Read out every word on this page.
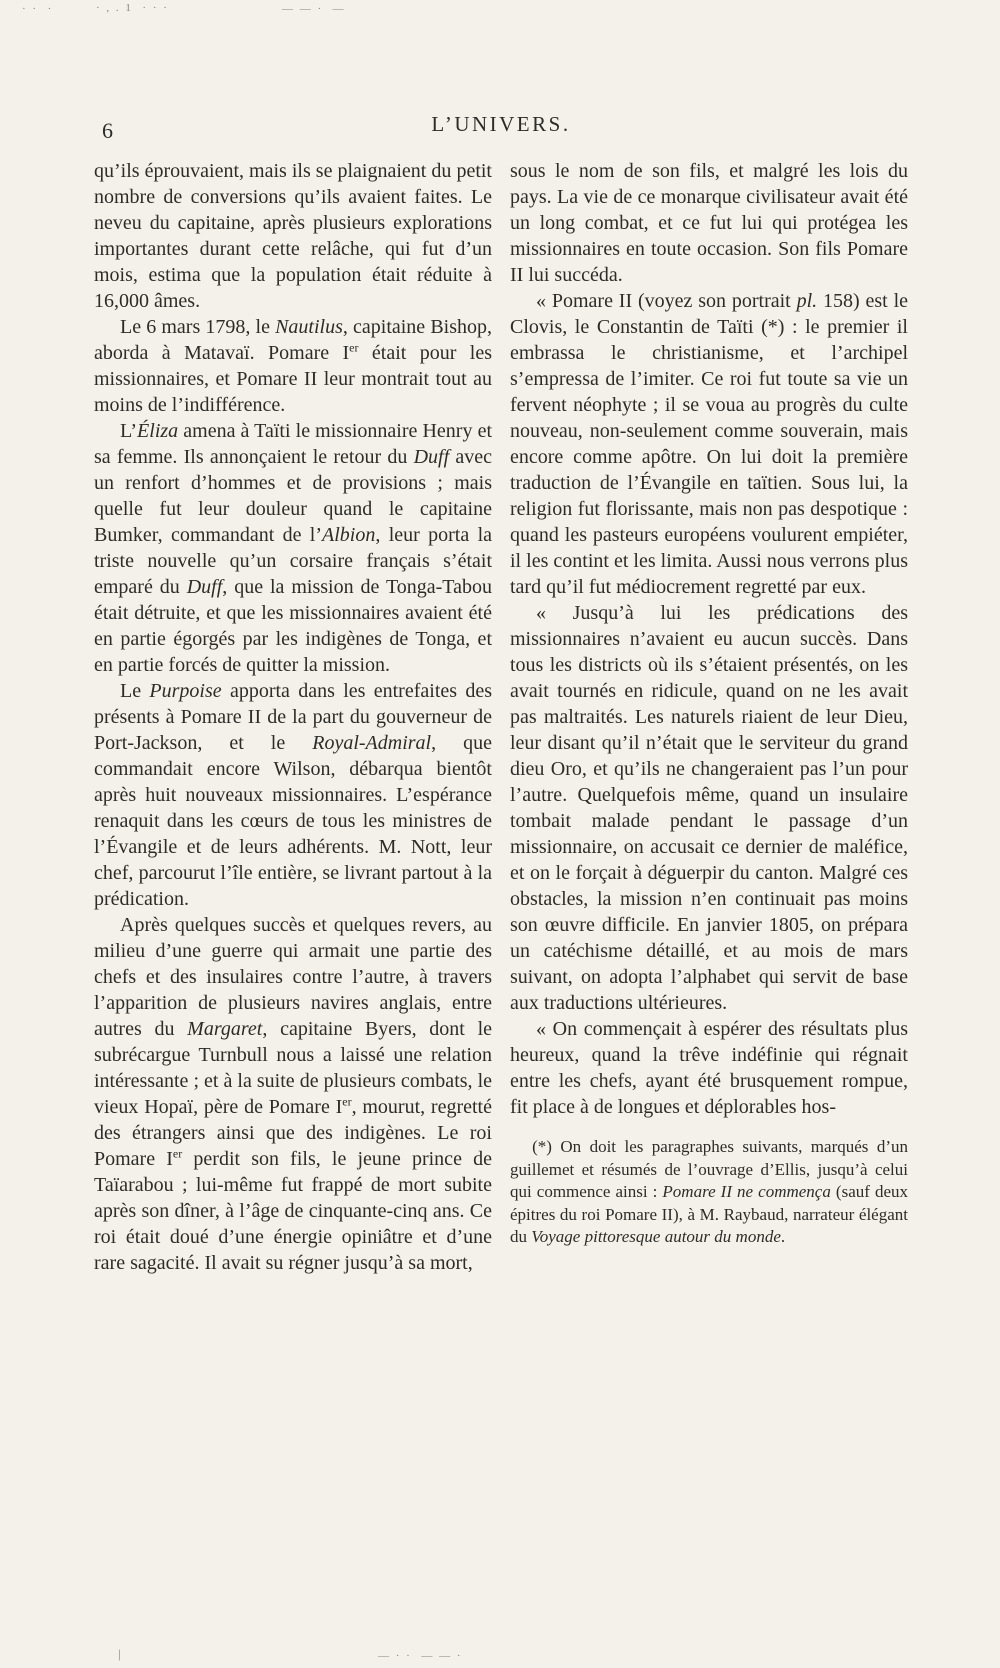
· ·  ·	· , . 1  · · ·	— — ·  —
|	— · ·  — — ·
6	L’UNIVERS.

qu’ils éprouvaient, mais ils se plaignaient du petit nombre de conversions qu’ils avaient faites. Le neveu du capitaine, après plusieurs explorations importantes durant cette relâche, qui fut d’un mois, estima que la population était réduite à 16,000 âmes.

Le 6 mars 1798, le Nautilus, capitaine Bishop, aborda à Matavaï. Pomare Ier était pour les missionnaires, et Pomare II leur montrait tout au moins de l’indifférence.

L’Éliza amena à Taïti le missionnaire Henry et sa femme. Ils annonçaient le retour du Duff avec un renfort d’hommes et de provisions ; mais quelle fut leur douleur quand le capitaine Bumker, commandant de l’Albion, leur porta la triste nouvelle qu’un corsaire français s’était emparé du Duff, que la mission de Tonga-Tabou était détruite, et que les missionnaires avaient été en partie égorgés par les indigènes de Tonga, et en partie forcés de quitter la mission.

Le Purpoise apporta dans les entrefaites des présents à Pomare II de la part du gouverneur de Port-Jackson, et le Royal-Admiral, que commandait encore Wilson, débarqua bientôt après huit nouveaux missionnaires. L’espérance renaquit dans les cœurs de tous les ministres de l’Évangile et de leurs adhérents. M. Nott, leur chef, parcourut l’île entière, se livrant partout à la prédication.

Après quelques succès et quelques revers, au milieu d’une guerre qui armait une partie des chefs et des insulaires contre l’autre, à travers l’apparition de plusieurs navires anglais, entre autres du Margaret, capitaine Byers, dont le subrécargue Turnbull nous a laissé une relation intéressante ; et à la suite de plusieurs combats, le vieux Hopaï, père de Pomare Ier, mourut, regretté des étrangers ainsi que des indigènes. Le roi Pomare Ier perdit son fils, le jeune prince de Taïarabou ; lui-même fut frappé de mort subite après son dîner, à l’âge de cinquante-cinq ans. Ce roi était doué d’une énergie opiniâtre et d’une rare sagacité. Il avait su régner jusqu’à sa mort,

sous le nom de son fils, et malgré les lois du pays. La vie de ce monarque civilisateur avait été un long combat, et ce fut lui qui protégea les missionnaires en toute occasion. Son fils Pomare II lui succéda.

« Pomare II (voyez son portrait pl. 158) est le Clovis, le Constantin de Taïti (*) : le premier il embrassa le christianisme, et l’archipel s’empressa de l’imiter. Ce roi fut toute sa vie un fervent néophyte ; il se voua au progrès du culte nouveau, non-seulement comme souverain, mais encore comme apôtre. On lui doit la première traduction de l’Évangile en taïtien. Sous lui, la religion fut florissante, mais non pas despotique : quand les pasteurs européens voulurent empiéter, il les contint et les limita. Aussi nous verrons plus tard qu’il fut médiocrement regretté par eux.

« Jusqu’à lui les prédications des missionnaires n’avaient eu aucun succès. Dans tous les districts où ils s’étaient présentés, on les avait tournés en ridicule, quand on ne les avait pas maltraités. Les naturels riaient de leur Dieu, leur disant qu’il n’était que le serviteur du grand dieu Oro, et qu’ils ne changeraient pas l’un pour l’autre. Quelquefois même, quand un insulaire tombait malade pendant le passage d’un missionnaire, on accusait ce dernier de maléfice, et on le forçait à déguerpir du canton. Malgré ces obstacles, la mission n’en continuait pas moins son œuvre difficile. En janvier 1805, on prépara un catéchisme détaillé, et au mois de mars suivant, on adopta l’alphabet qui servit de base aux traductions ultérieures.

« On commençait à espérer des résultats plus heureux, quand la trêve indéfinie qui régnait entre les chefs, ayant été brusquement rompue, fit place à de longues et déplorables hos-

(*) On doit les paragraphes suivants, marqués d’un guillemet et résumés de l’ouvrage d’Ellis, jusqu’à celui qui commence ainsi : Pomare II ne commença (sauf deux épitres du roi Pomare II), à M. Raybaud, narrateur élégant du Voyage pittoresque autour du monde.
